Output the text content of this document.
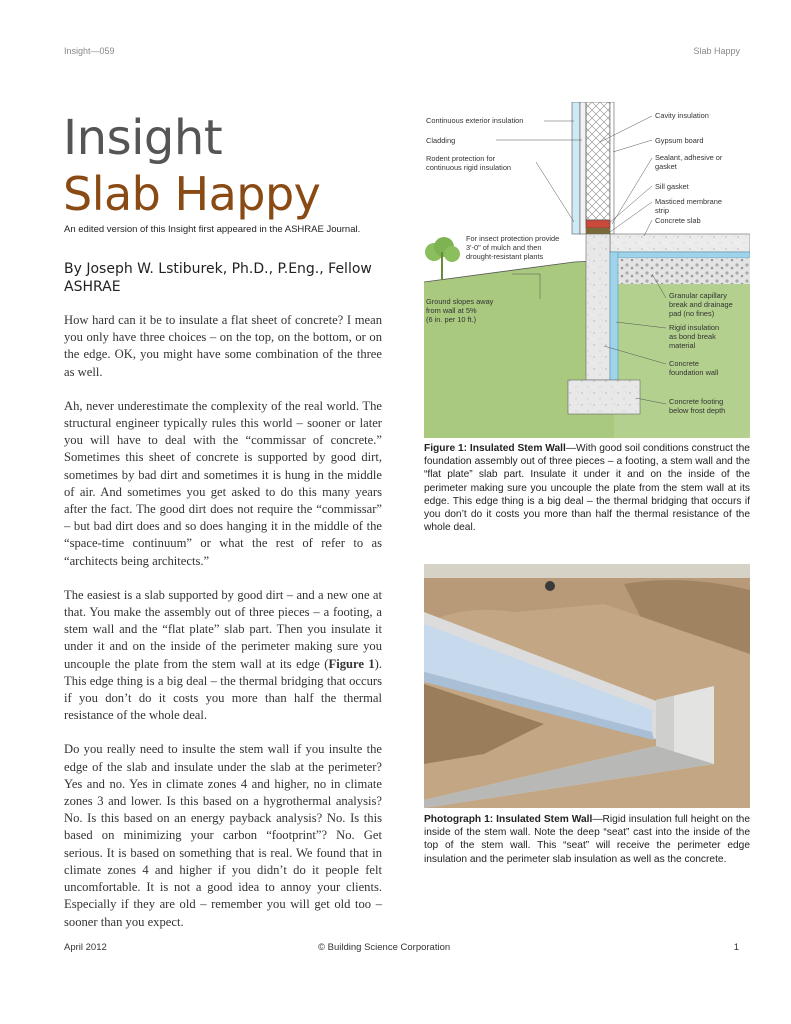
Insight—059	Slab Happy
Insight
Slab Happy
An edited version of this Insight first appeared in the ASHRAE Journal.
By Joseph W. Lstiburek, Ph.D., P.Eng., Fellow ASHRAE

How hard can it be to insulate a flat sheet of concrete? I mean you only have three choices – on the top, on the bottom, or on the edge. OK, you might have some combination of the three as well.

Ah, never underestimate the complexity of the real world. The structural engineer typically rules this world – sooner or later you will have to deal with the “commissar of concrete.” Sometimes this sheet of concrete is supported by good dirt, sometimes by bad dirt and sometimes it is hung in the middle of air. And sometimes you get asked to do this many years after the fact. The good dirt does not require the “commissar” – but bad dirt does and so does hanging it in the middle of the “space-time continuum” or what the rest of refer to as “architects being architects.”

The easiest is a slab supported by good dirt – and a new one at that. You make the assembly out of three pieces – a footing, a stem wall and the “flat plate” slab part. Then you insulate it under it and on the inside of the perimeter making sure you uncouple the plate from the stem wall at its edge (Figure 1). This edge thing is a big deal – the thermal bridging that occurs if you don’t do it costs you more than half the thermal resistance of the whole deal.

Do you really need to insulte the stem wall if you insulte the edge of the slab and insulate under the slab at the perimeter? Yes and no. Yes in climate zones 4 and higher, no in climate zones 3 and lower. Is this based on a hygrothermal analysis? No. Is this based on an energy payback analysis? No. Is this based on minimizing your carbon “footprint”? No. Get serious. It is based on something that is real. We found that in climate zones 4 and higher if you didn’t do it people felt uncomfortable. It is not a good idea to annoy your clients. Especially if they are old – remember you will get old too – sooner than you expect.

Continuous exterior insulation
Cladding
Rodent protection for
continuous rigid insulation
For insect protection provide
3'-0" of mulch and then
drought-resistant plants
Ground slopes away
from wall at 5%
(6 in. per 10 ft.)
Cavity insulation
Gypsum board
Sealant, adhesive or
gasket
Sill gasket
Masticed membrane
strip
Concrete slab
Granular capillary
break and drainage
pad (no fines)
Rigid insulation
as bond break
material
Concrete
foundation wall
Concrete footing
below frost depth
Figure 1: Insulated Stem Wall—With good soil conditions construct the foundation assembly out of three pieces – a footing, a stem wall and the “flat plate” slab part. Insulate it under it and on the inside of the perimeter making sure you uncouple the plate from the stem wall at its edge. This edge thing is a big deal – the thermal bridging that occurs if you don’t do it costs you more than half the thermal resistance of the whole deal.
Photograph 1: Insulated Stem Wall—Rigid insulation full height on the inside of the stem wall. Note the deep “seat” cast into the inside of the top of the stem wall. This “seat” will receive the perimeter edge insulation and the perimeter slab insulation as well as the concrete.
April 2012	© Building Science Corporation	1
